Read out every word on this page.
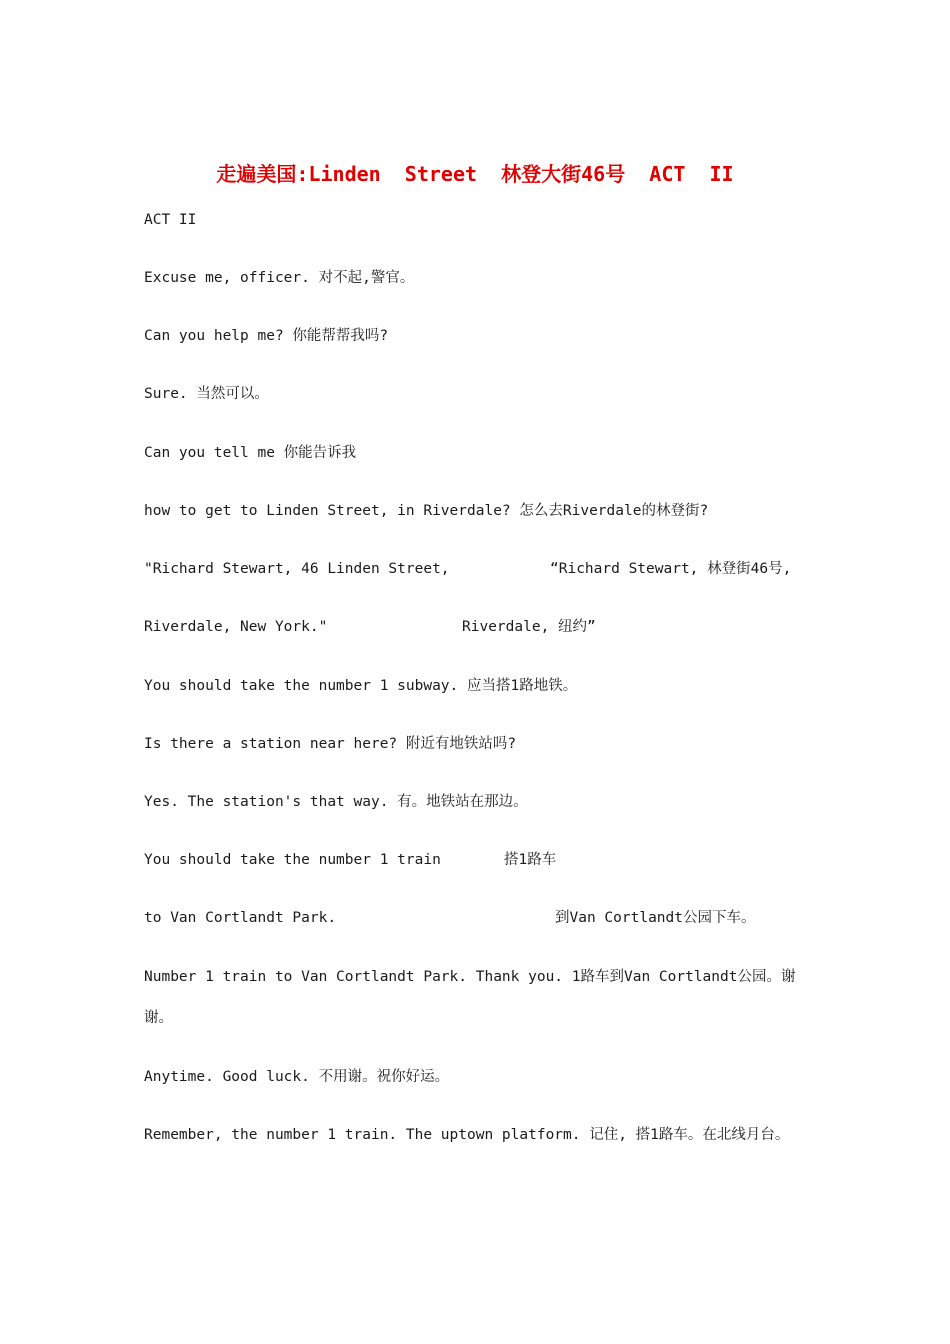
走遍美国:Linden  Street  林登大街46号  ACT  II
ACT II
Excuse me, officer. 对不起,警官。
Can you help me? 你能帮帮我吗?
Sure. 当然可以。
Can you tell me 你能告诉我
how to get to Linden Street, in Riverdale? 怎么去Riverdale的林登街?
"Richard Stewart, 46 Linden Street,	“Richard Stewart, 林登街46号,
Riverdale, New York."	Riverdale, 纽约”
You should take the number 1 subway. 应当搭1路地铁。
Is there a station near here? 附近有地铁站吗?
Yes. The station's that way. 有。地铁站在那边。
You should take the number 1 train	搭1路车
to Van Cortlandt Park.	到Van Cortlandt公园下车。
Number 1 train to Van Cortlandt Park. Thank you. 1路车到Van Cortlandt公园。谢谢。
Anytime. Good luck. 不用谢。祝你好运。
Remember, the number 1 train. The uptown platform. 记住, 搭1路车。在北线月台。
